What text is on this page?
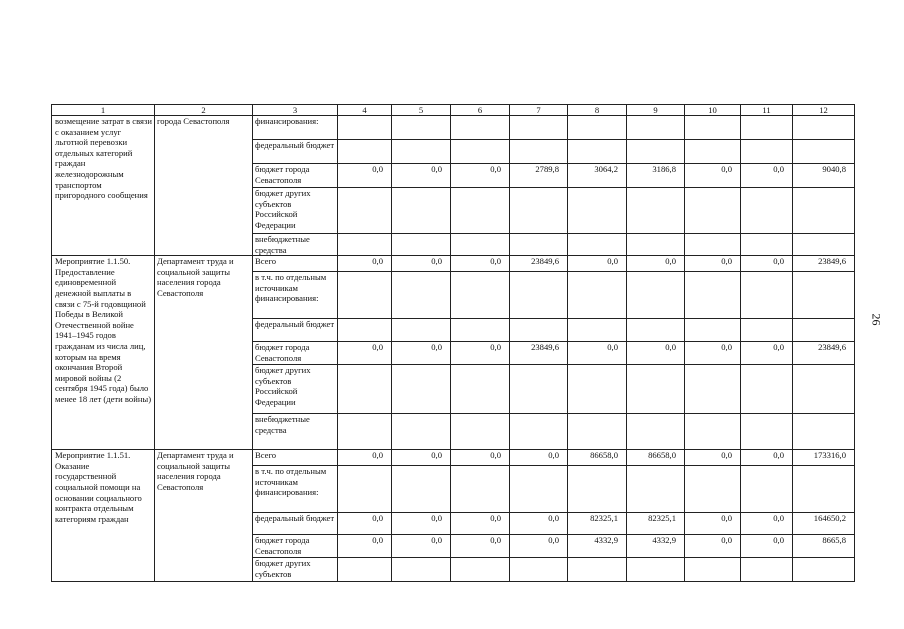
1	2	3	4	5	6	7	8	9	10	11	12
возмещение затрат в связи с оказанием услуг льготной перевозки отдельных категорий граждан железнодорожным транспортом пригородного сообщения	города Севастополя	финансирования:									
		федеральный бюджет									
		бюджет города Севастополя	0,0	0,0	0,0	2789,8	3064,2	3186,8	0,0	0,0	9040,8
		бюджет других субъектов Российской Федерации									
		внебюджетные средства									
Мероприятие 1.1.50. Предоставление единовременной денежной выплаты в связи с 75-й годовщиной Победы в Великой Отечественной войне 1941–1945 годов гражданам из числа лиц, которым на время окончания Второй мировой войны (2 сентября 1945 года) было менее 18 лет (дети войны)	Департамент труда и социальной защиты населения города Севастополя	Всего	0,0	0,0	0,0	23849,6	0,0	0,0	0,0	0,0	23849,6
		в т.ч. по отдельным источникам финансирования:									
		федеральный бюджет									
		бюджет города Севастополя	0,0	0,0	0,0	23849,6	0,0	0,0	0,0	0,0	23849,6
		бюджет других субъектов Российской Федерации									
		внебюджетные средства									
Мероприятие 1.1.51. Оказание государственной социальной помощи на основании социального контракта отдельным категориям граждан	Департамент труда и социальной защиты населения города Севастополя	Всего	0,0	0,0	0,0	0,0	86658,0	86658,0	0,0	0,0	173316,0
		в т.ч. по отдельным источникам финансирования:									
		федеральный бюджет	0,0	0,0	0,0	0,0	82325,1	82325,1	0,0	0,0	164650,2
		бюджет города Севастополя	0,0	0,0	0,0	0,0	4332,9	4332,9	0,0	0,0	8665,8
		бюджет других субъектов									
26
